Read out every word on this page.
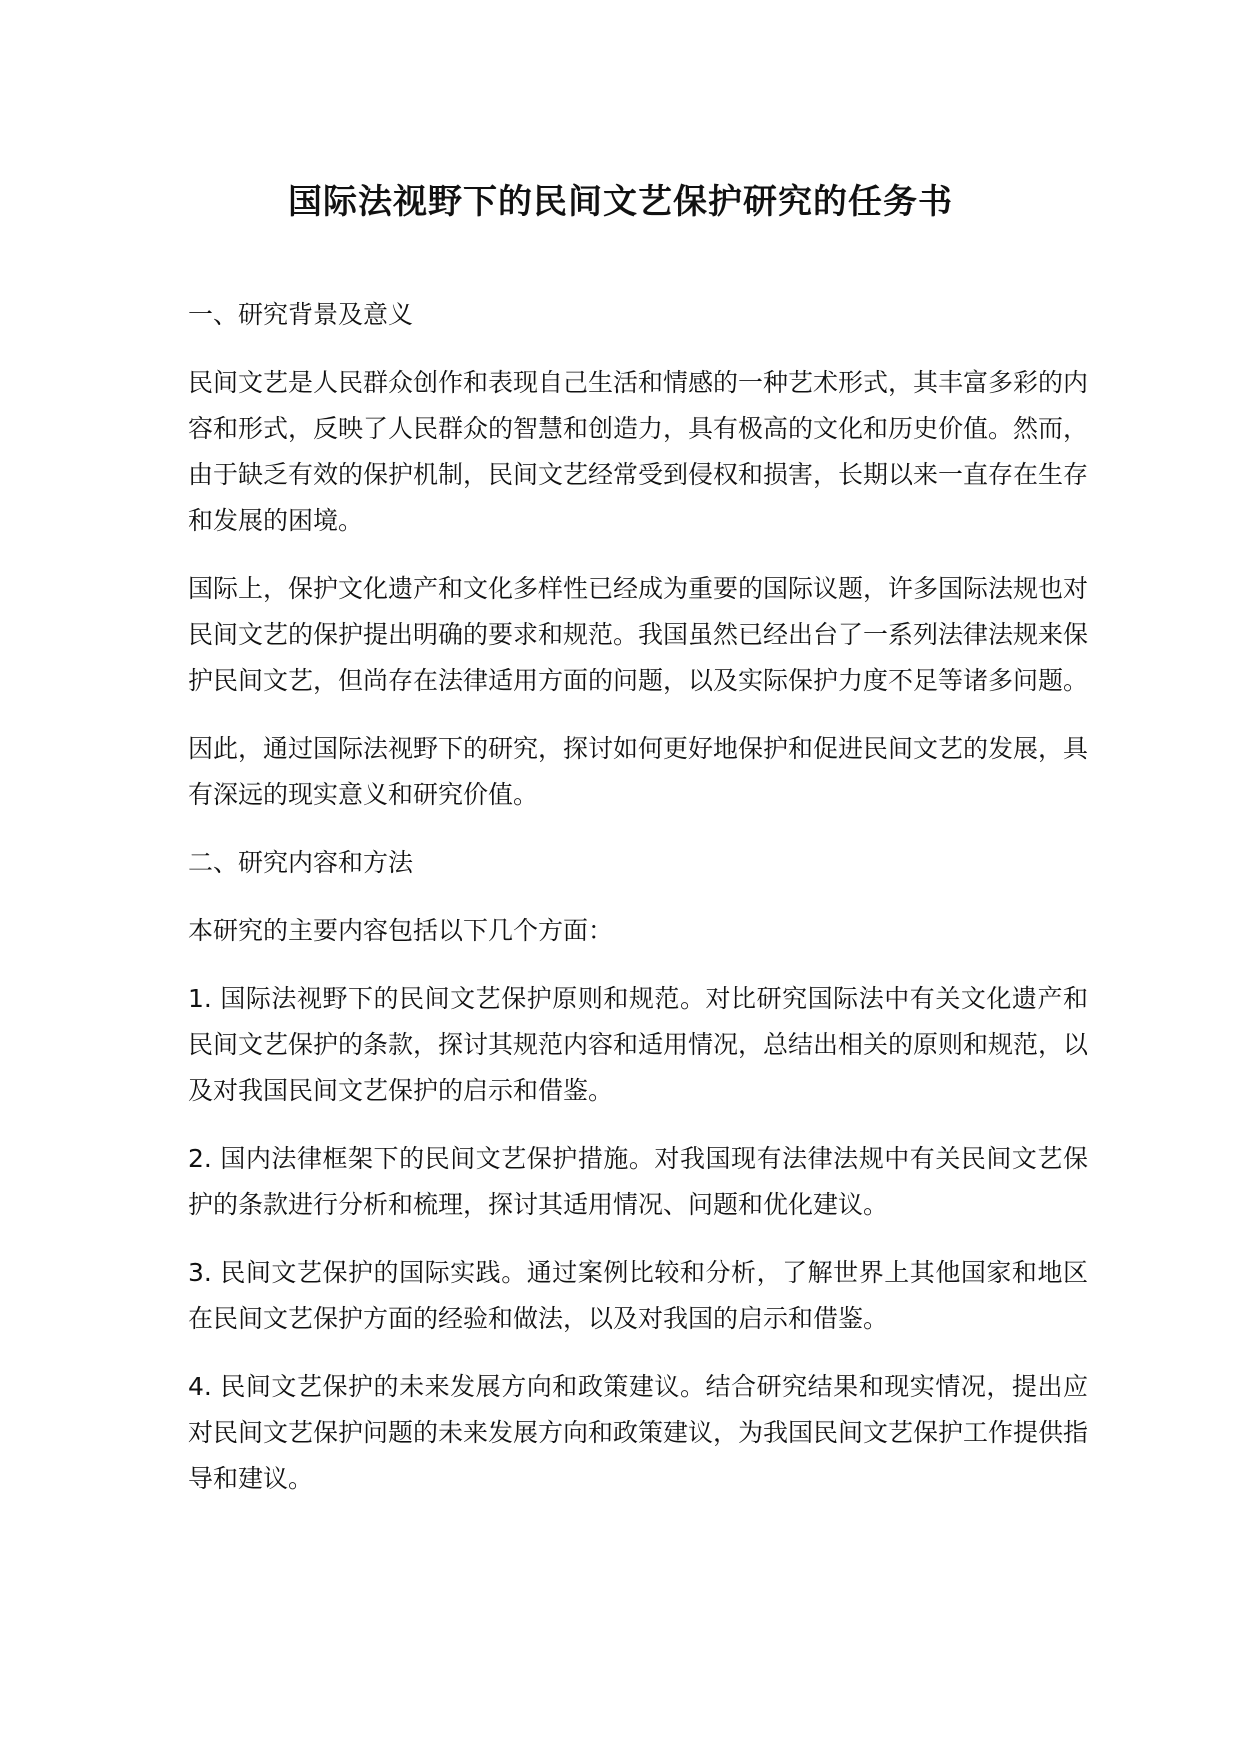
国际法视野下的民间文艺保护研究的任务书

一、研究背景及意义

民间文艺是人民群众创作和表现自己生活和情感的一种艺术形式，其丰富多彩的内容和形式，反映了人民群众的智慧和创造力，具有极高的文化和历史价值。然而，由于缺乏有效的保护机制，民间文艺经常受到侵权和损害，长期以来一直存在生存和发展的困境。

国际上，保护文化遗产和文化多样性已经成为重要的国际议题，许多国际法规也对民间文艺的保护提出明确的要求和规范。我国虽然已经出台了一系列法律法规来保护民间文艺，但尚存在法律适用方面的问题，以及实际保护力度不足等诸多问题。

因此，通过国际法视野下的研究，探讨如何更好地保护和促进民间文艺的发展，具有深远的现实意义和研究价值。

二、研究内容和方法

本研究的主要内容包括以下几个方面：

1. 国际法视野下的民间文艺保护原则和规范。对比研究国际法中有关文化遗产和民间文艺保护的条款，探讨其规范内容和适用情况，总结出相关的原则和规范，以及对我国民间文艺保护的启示和借鉴。

2. 国内法律框架下的民间文艺保护措施。对我国现有法律法规中有关民间文艺保护的条款进行分析和梳理，探讨其适用情况、问题和优化建议。

3. 民间文艺保护的国际实践。通过案例比较和分析，了解世界上其他国家和地区在民间文艺保护方面的经验和做法，以及对我国的启示和借鉴。

4. 民间文艺保护的未来发展方向和政策建议。结合研究结果和现实情况，提出应对民间文艺保护问题的未来发展方向和政策建议，为我国民间文艺保护工作提供指导和建议。
